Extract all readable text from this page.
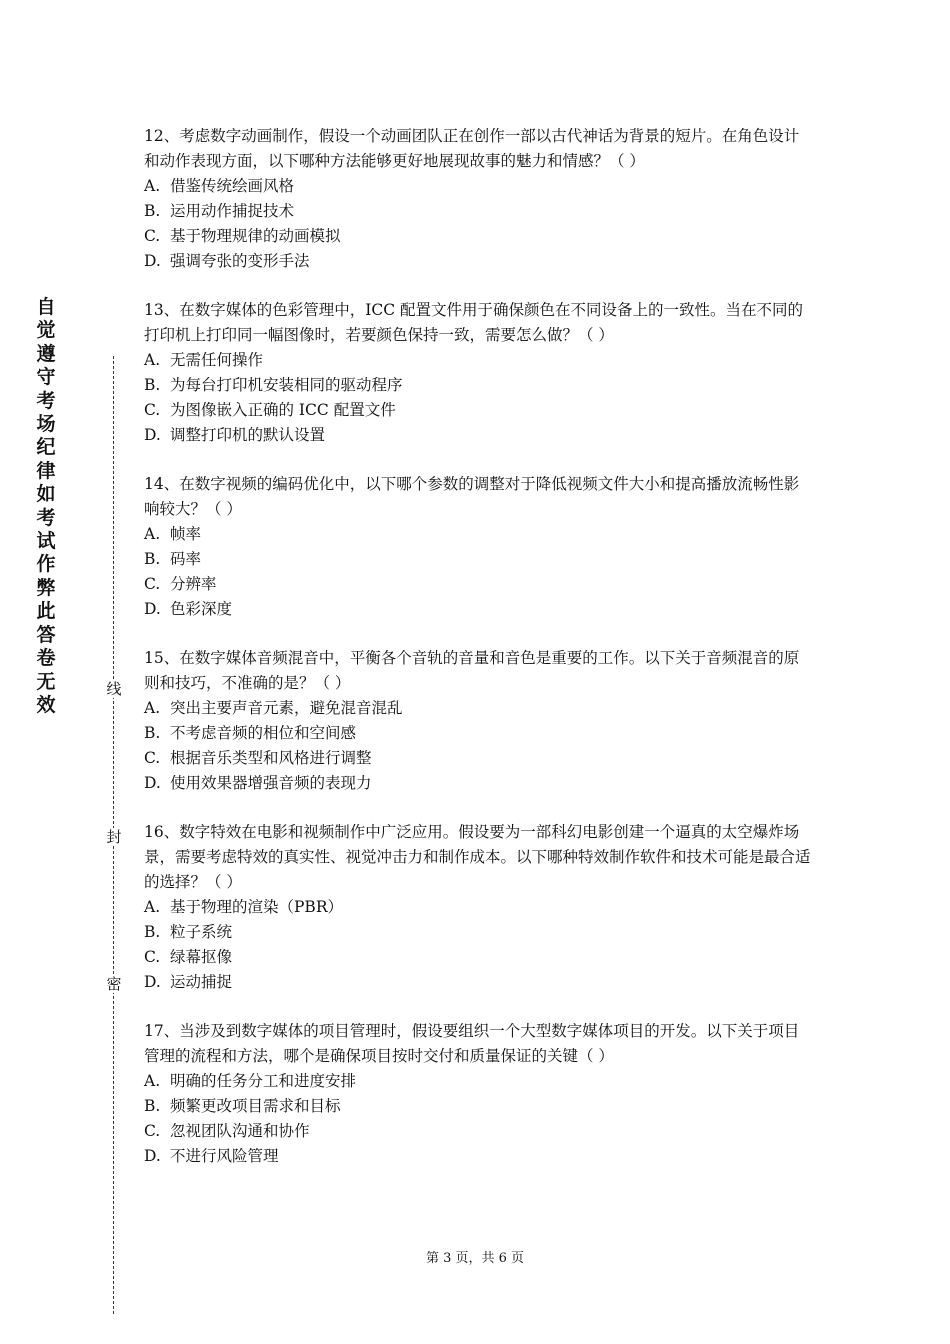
自觉遵守考场纪律如考试作弊此答卷无效
线
封
密

12、考虑数字动画制作，假设一个动画团队正在创作一部以古代神话为背景的短片。在角色设计和动作表现方面，以下哪种方法能够更好地展现故事的魅力和情感？（ ）

A. 借鉴传统绘画风格

B. 运用动作捕捉技术

C. 基于物理规律的动画模拟

D. 强调夸张的变形手法

13、在数字媒体的色彩管理中，ICC 配置文件用于确保颜色在不同设备上的一致性。当在不同的打印机上打印同一幅图像时，若要颜色保持一致，需要怎么做？（ ）

A. 无需任何操作

B. 为每台打印机安装相同的驱动程序

C. 为图像嵌入正确的 ICC 配置文件

D. 调整打印机的默认设置

14、在数字视频的编码优化中，以下哪个参数的调整对于降低视频文件大小和提高播放流畅性影响较大？（ ）

A. 帧率

B. 码率

C. 分辨率

D. 色彩深度

15、在数字媒体音频混音中，平衡各个音轨的音量和音色是重要的工作。以下关于音频混音的原则和技巧，不准确的是？（ ）

A. 突出主要声音元素，避免混音混乱

B. 不考虑音频的相位和空间感

C. 根据音乐类型和风格进行调整

D. 使用效果器增强音频的表现力

16、数字特效在电影和视频制作中广泛应用。假设要为一部科幻电影创建一个逼真的太空爆炸场景，需要考虑特效的真实性、视觉冲击力和制作成本。以下哪种特效制作软件和技术可能是最合适的选择？（ ）

A. 基于物理的渲染（PBR）

B. 粒子系统

C. 绿幕抠像

D. 运动捕捉

17、当涉及到数字媒体的项目管理时，假设要组织一个大型数字媒体项目的开发。以下关于项目管理的流程和方法，哪个是确保项目按时交付和质量保证的关键（ ）

A. 明确的任务分工和进度安排

B. 频繁更改项目需求和目标

C. 忽视团队沟通和协作

D. 不进行风险管理

第 3 页，共 6 页
